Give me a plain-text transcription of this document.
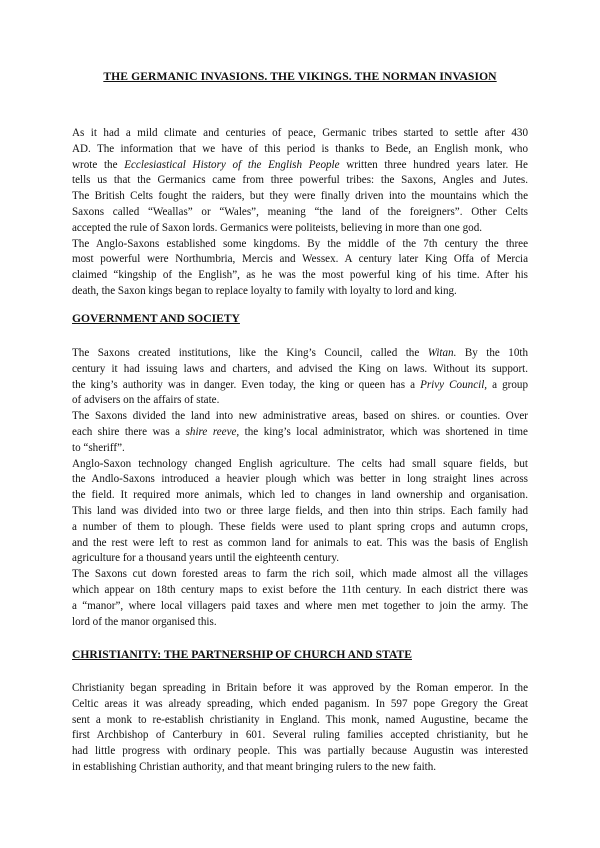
THE GERMANIC INVASIONS. THE VIKINGS. THE NORMAN INVASION

As it had a mild climate and centuries of peace, Germanic tribes started to settle after 430
AD. The information that we have of this period is thanks to Bede, an English monk, who
wrote the Ecclesiastical History of the English People written three hundred years later. He
tells us that the Germanics came from three powerful tribes: the Saxons, Angles and Jutes.
The British Celts fought the raiders, but they were finally driven into the mountains which the
Saxons called “Weallas” or “Wales”, meaning “the land of the foreigners”. Other Celts
accepted the rule of Saxon lords. Germanics were politeists, believing in more than one god.

The Anglo-Saxons established some kingdoms. By the middle of the 7th century the three
most powerful were Northumbria, Mercis and Wessex. A century later King Offa of Mercia
claimed “kingship of the English”, as he was the most powerful king of his time. After his
death, the Saxon kings began to replace loyalty to family with loyalty to lord and king.

GOVERNMENT AND SOCIETY

The Saxons created institutions, like the King’s Council, called the Witan. By the 10th
century it had issuing laws and charters, and advised the King on laws. Without its support.
the king’s authority was in danger. Even today, the king or queen has a Privy Council, a group
of advisers on the affairs of state.

The Saxons divided the land into new administrative areas, based on shires. or counties. Over
each shire there was a shire reeve, the king’s local administrator, which was shortened in time
to “sheriff”.

Anglo-Saxon technology changed English agriculture. The celts had small square fields, but
the Andlo-Saxons introduced a heavier plough which was better in long straight lines across
the field. It required more animals, which led to changes in land ownership and organisation.
This land was divided into two or three large fields, and then into thin strips. Each family had
a number of them to plough. These fields were used to plant spring crops and autumn crops,
and the rest were left to rest as common land for animals to eat. This was the basis of English
agriculture for a thousand years until the eighteenth century.

The Saxons cut down forested areas to farm the rich soil, which made almost all the villages
which appear on 18th century maps to exist before the 11th century. In each district there was
a “manor”, where local villagers paid taxes and where men met together to join the army. The
lord of the manor organised this.

CHRISTIANITY: THE PARTNERSHIP OF CHURCH AND STATE

Christianity began spreading in Britain before it was approved by the Roman emperor. In the
Celtic areas it was already spreading, which ended paganism. In 597 pope Gregory the Great
sent a monk to re-establish christianity in England. This monk, named Augustine, became the
first Archbishop of Canterbury in 601. Several ruling families accepted christianity, but he
had little progress with ordinary people. This was partially because Augustin was interested
in establishing Christian authority, and that meant bringing rulers to the new faith.
